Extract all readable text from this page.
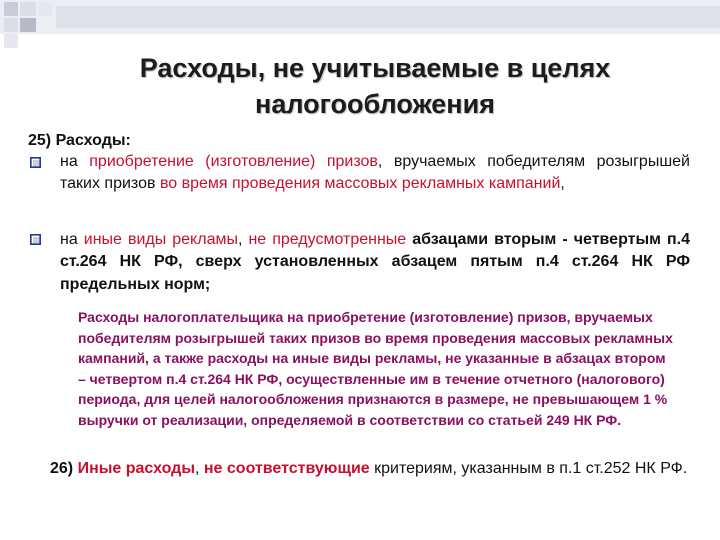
Расходы, не учитываемые в целях
налогообложения
25) Расходы:
на приобретение (изготовление) призов, вручаемых победителям розыгрышей таких призов во время проведения массовых рекламных кампаний,
на иные виды рекламы, не предусмотренные абзацами вторым - четвертым п.4 ст.264 НК РФ, сверх установленных абзацем пятым п.4 ст.264 НК РФ предельных норм;
Расходы налогоплательщика на приобретение (изготовление) призов, вручаемых победителям розыгрышей таких призов во время проведения массовых рекламных кампаний, а также расходы на иные виды рекламы, не указанные в абзацах втором – четвертом п.4 ст.264 НК РФ, осуществленные им в течение отчетного (налогового) периода, для целей налогообложения признаются в размере, не превышающем 1 % выручки от реализации, определяемой в соответствии со статьей 249 НК РФ.
26) Иные расходы, не соответствующие критериям, указанным в п.1 ст.252 НК РФ.
